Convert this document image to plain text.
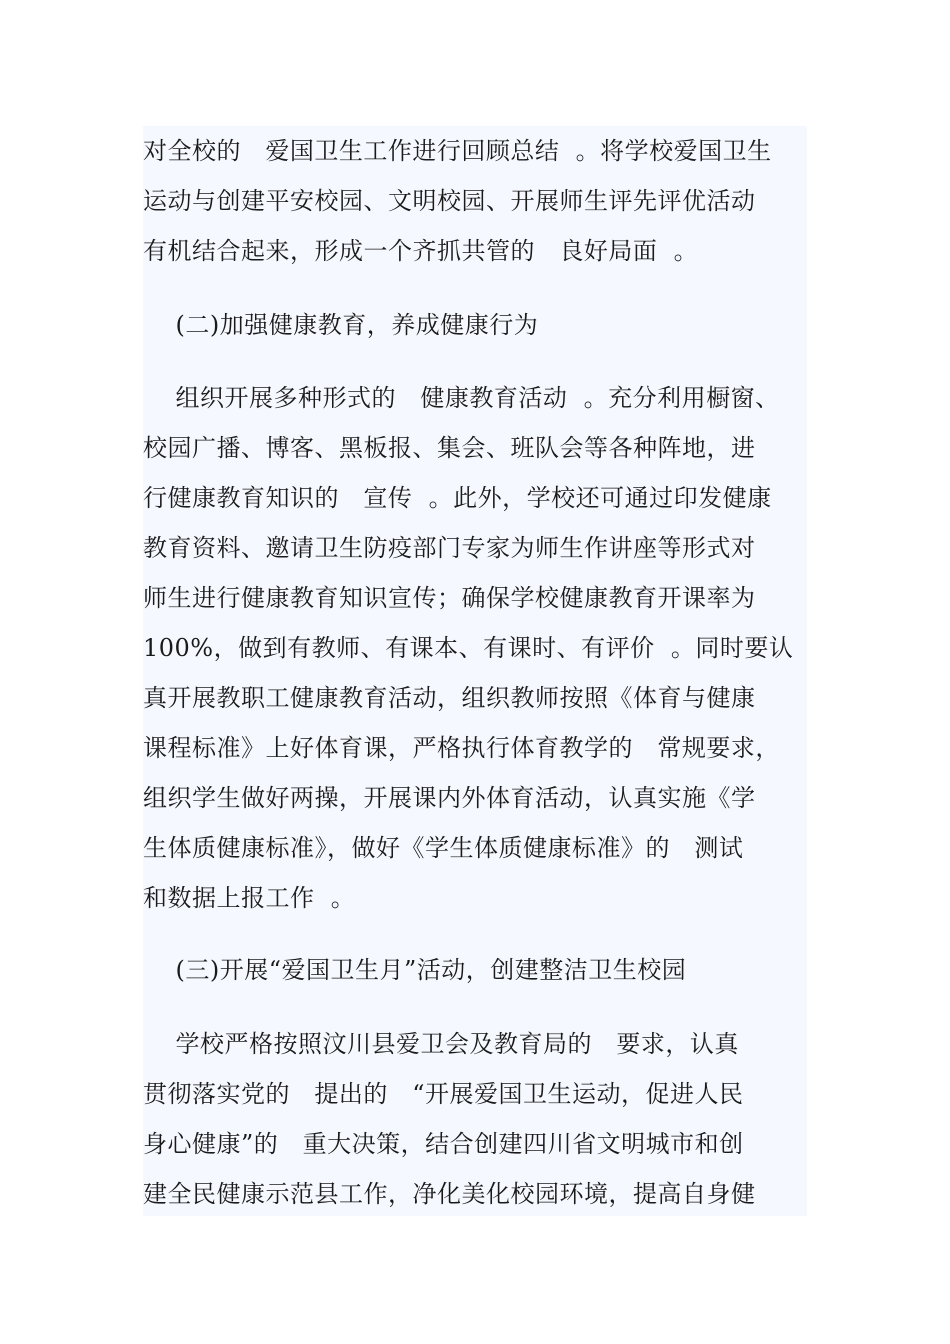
对全校的   爱国卫生工作进行回顾总结  。将学校爱国卫生
运动与创建平安校园、文明校园、开展师生评先评优活动
有机结合起来，形成一个齐抓共管的   良好局面  。
(二)加强健康教育，养成健康行为
组织开展多种形式的   健康教育活动  。充分利用橱窗、
校园广播、博客、黑板报、集会、班队会等各种阵地，进
行健康教育知识的   宣传  。此外，学校还可通过印发健康
教育资料、邀请卫生防疫部门专家为师生作讲座等形式对
师生进行健康教育知识宣传；确保学校健康教育开课率为
100%，做到有教师、有课本、有课时、有评价  。同时要认
真开展教职工健康教育活动，组织教师按照《体育与健康
课程标准》上好体育课，严格执行体育教学的   常规要求，
组织学生做好两操，开展课内外体育活动，认真实施《学
生体质健康标准》，做好《学生体质健康标准》的   测试
和数据上报工作  。
(三)开展“爱国卫生月”活动，创建整洁卫生校园
学校严格按照汶川县爱卫会及教育局的   要求，认真
贯彻落实党的   提出的   “开展爱国卫生运动，促进人民
身心健康”的   重大决策，结合创建四川省文明城市和创
建全民健康示范县工作，净化美化校园环境，提高自身健
